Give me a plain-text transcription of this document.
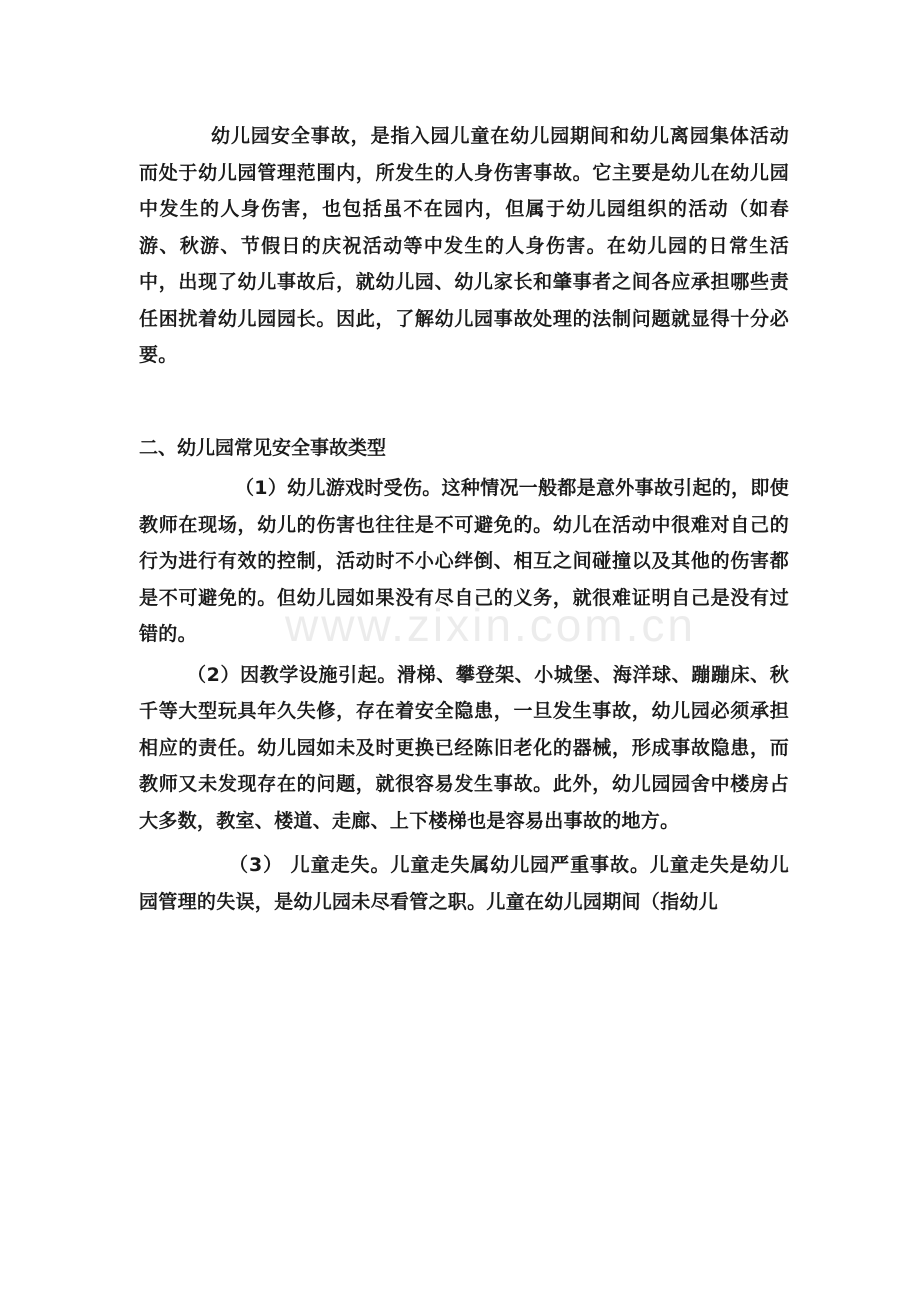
幼儿园安全事故，是指入园儿童在幼儿园期间和幼儿离园集体活动而处于幼儿园管理范围内，所发生的人身伤害事故。它主要是幼儿在幼儿园中发生的人身伤害，也包括虽不在园内，但属于幼儿园组织的活动（如春游、秋游、节假日的庆祝活动等中发生的人身伤害。在幼儿园的日常生活中，出现了幼儿事故后，就幼儿园、幼儿家长和肇事者之间各应承担哪些责任困扰着幼儿园园长。因此，了解幼儿园事故处理的法制问题就显得十分必要。

二、幼儿园常见安全事故类型

（1）幼儿游戏时受伤。这种情况一般都是意外事故引起的，即使教师在现场，幼儿的伤害也往往是不可避免的。幼儿在活动中很难对自己的行为进行有效的控制，活动时不小心绊倒、相互之间碰撞以及其他的伤害都是不可避免的。但幼儿园如果没有尽自己的义务，就很难证明自己是没有过错的。

（2）因教学设施引起。滑梯、攀登架、小城堡、海洋球、蹦蹦床、秋千等大型玩具年久失修，存在着安全隐患，一旦发生事故，幼儿园必须承担相应的责任。幼儿园如未及时更换已经陈旧老化的器械，形成事故隐患，而教师又未发现存在的问题，就很容易发生事故。此外，幼儿园园舍中楼房占大多数，教室、楼道、走廊、上下楼梯也是容易出事故的地方。

（3） 儿童走失。儿童走失属幼儿园严重事故。儿童走失是幼儿园管理的失误，是幼儿园未尽看管之职。儿童在幼儿园期间（指幼儿

www.zixin.com.cn
